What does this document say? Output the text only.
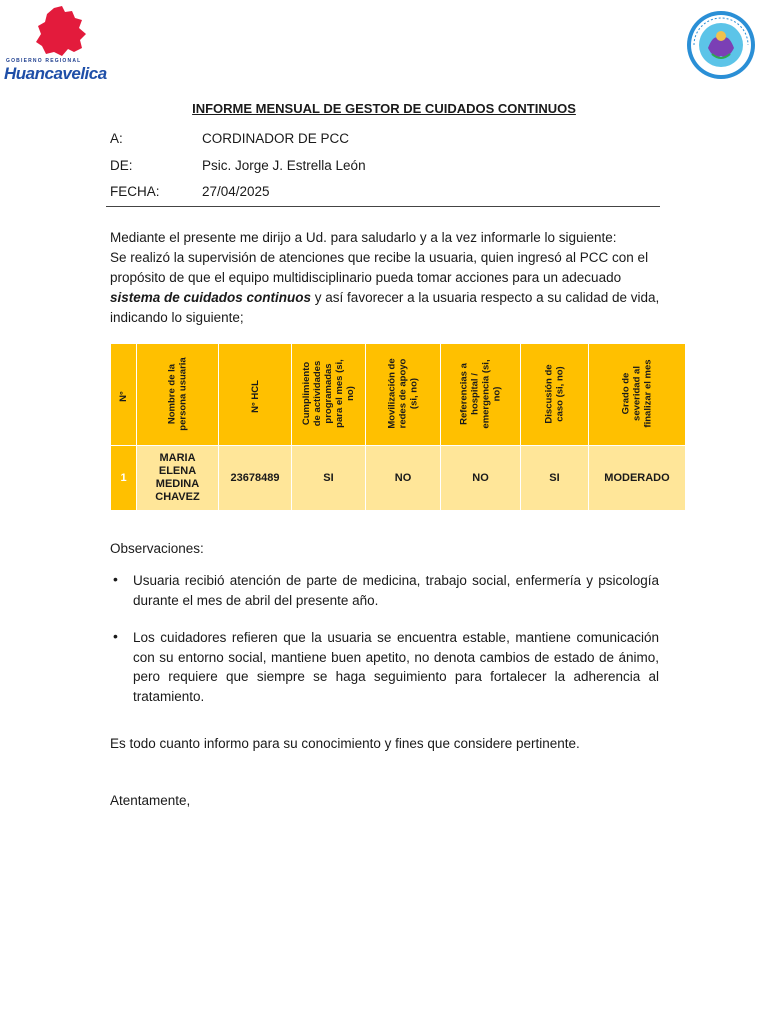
GOBIERNO REGIONAL
Huancavelica
INFORME MENSUAL DE GESTOR DE CUIDADOS CONTINUOS
A:	CORDINADOR DE PCC
DE:	Psic. Jorge J. Estrella León
FECHA:	27/04/2025

Mediante el presente me dirijo a Ud. para saludarlo y a la vez informarle lo siguiente:

Se realizó la supervisión de atenciones que recibe la usuaria, quien ingresó al PCC con el propósito de que el equipo multidisciplinario pueda tomar acciones para un adecuado sistema de cuidados continuos y así favorecer a la usuaria respecto a su calidad de vida, indicando lo siguiente;

N°	Nombre de la
persona usuaria	N° HCL	Cumplimiento
de actividades
programadas
para el mes (si,
no)	Movilización de
redes de apoyo
(si, no)	Referencias a
hospital /
emergencia (si,
no)	Discusión de
caso (si, no)	Grado de
severidad al
finalizar el mes
1	MARIA
ELENA
MEDINA
CHAVEZ	23678489	SI	NO	NO	SI	MODERADO
Observaciones:
• Usuaria recibió atención de parte de medicina, trabajo social, enfermería y psicología durante el mes de abril del presente año.
• Los cuidadores refieren que la usuaria se encuentra estable, mantiene comunicación con su entorno social, mantiene buen apetito, no denota cambios de estado de ánimo, pero requiere que siempre se haga seguimiento para fortalecer la adherencia al tratamiento.
Es todo cuanto informo para su conocimiento y fines que considere pertinente.
Atentamente,
